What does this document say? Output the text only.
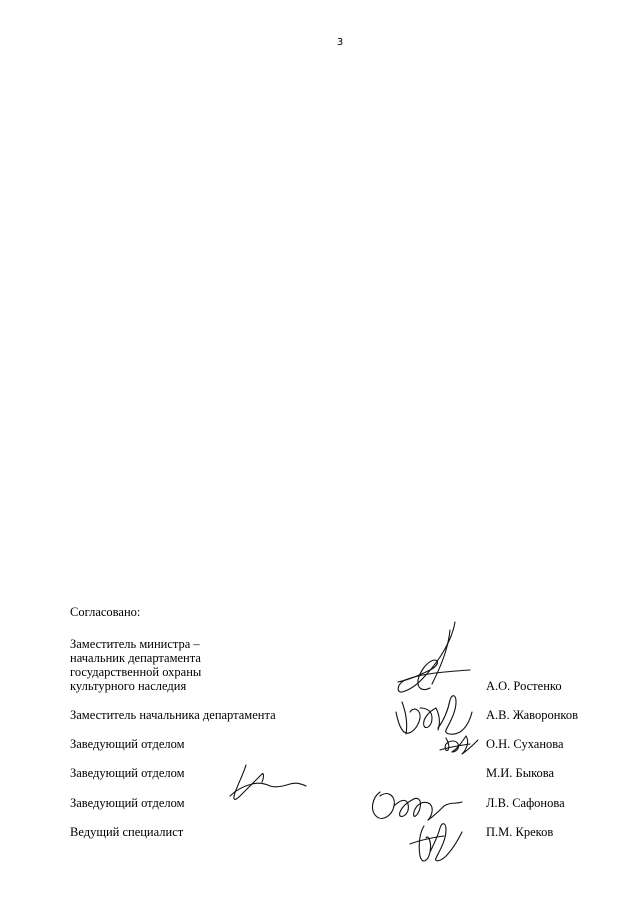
3
Согласовано:
Заместитель министра –
начальник департамента
государственной охраны
культурного наследия	А.О. Ростенко
Заместитель начальника департамента	А.В. Жаворонков
Заведующий отделом	О.Н. Суханова
Заведующий отделом	М.И. Быкова
Заведующий отделом	Л.В. Сафонова
Ведущий специалист	П.М. Креков
